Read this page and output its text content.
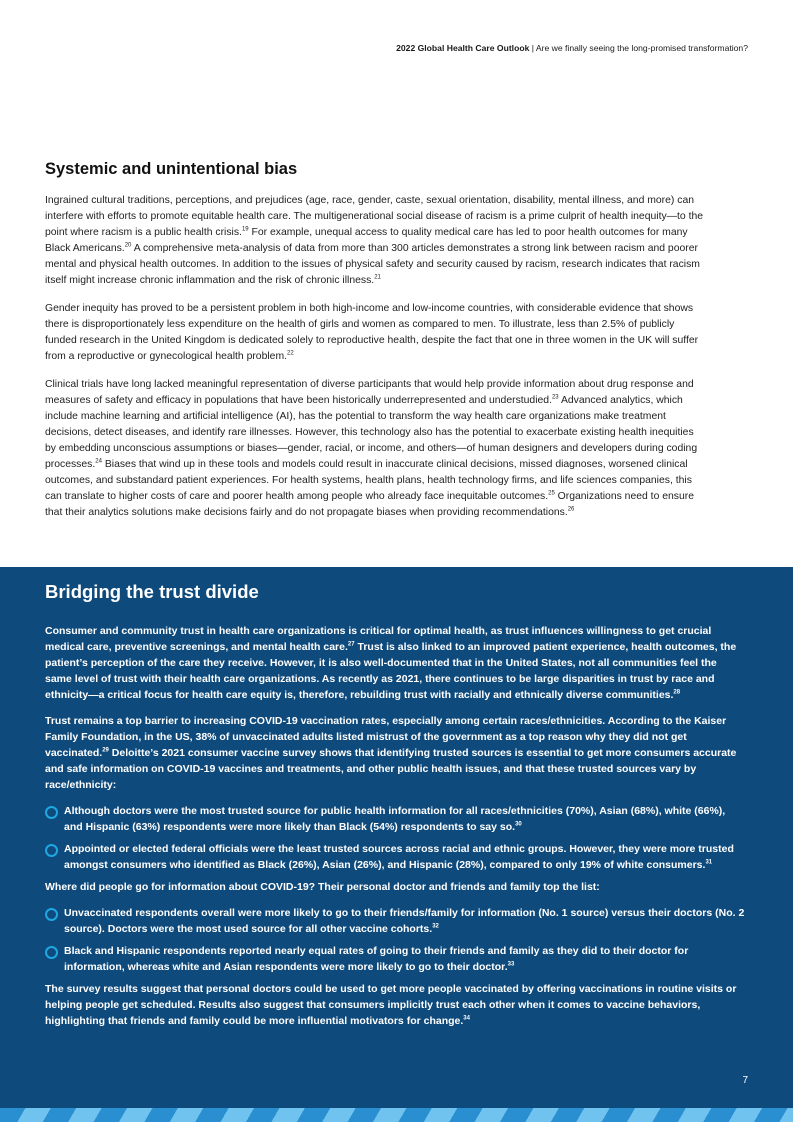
2022 Global Health Care Outlook | Are we finally seeing the long-promised transformation?
Systemic and unintentional bias

Ingrained cultural traditions, perceptions, and prejudices (age, race, gender, caste, sexual orientation, disability, mental illness, and more) can interfere with efforts to promote equitable health care. The multigenerational social disease of racism is a prime culprit of health inequity—to the point where racism is a public health crisis.$^{19}$ For example, unequal access to quality medical care has led to poor health outcomes for many Black Americans.$^{20}$ A comprehensive meta-analysis of data from more than 300 articles demonstrates a strong link between racism and poorer mental and physical health outcomes. In addition to the issues of physical safety and security caused by racism, research indicates that racism itself might increase chronic inflammation and the risk of chronic illness.$^{21}$

Gender inequity has proved to be a persistent problem in both high-income and low-income countries, with considerable evidence that shows there is disproportionately less expenditure on the health of girls and women as compared to men. To illustrate, less than 2.5% of publicly funded research in the United Kingdom is dedicated solely to reproductive health, despite the fact that one in three women in the UK will suffer from a reproductive or gynecological health problem.$^{22}$

Clinical trials have long lacked meaningful representation of diverse participants that would help provide information about drug response and measures of safety and efficacy in populations that have been historically underrepresented and understudied.$^{23}$ Advanced analytics, which include machine learning and artificial intelligence (AI), has the potential to transform the way health care organizations make treatment decisions, detect diseases, and identify rare illnesses. However, this technology also has the potential to exacerbate existing health inequities by embedding unconscious assumptions or biases—gender, racial, or income, and others—of human designers and developers during coding processes.$^{24}$ Biases that wind up in these tools and models could result in inaccurate clinical decisions, missed diagnoses, worsened clinical outcomes, and substandard patient experiences. For health systems, health plans, health technology firms, and life sciences companies, this can translate to higher costs of care and poorer health among people who already face inequitable outcomes.$^{25}$ Organizations need to ensure that their analytics solutions make decisions fairly and do not propagate biases when providing recommendations.$^{26}$

Bridging the trust divide

Consumer and community trust in health care organizations is critical for optimal health, as trust influences willingness to get crucial medical care, preventive screenings, and mental health care.$^{27}$ Trust is also linked to an improved patient experience, health outcomes, the patient’s perception of the care they receive. However, it is also well-documented that in the United States, not all communities feel the same level of trust with their health care organizations. As recently as 2021, there continues to be large disparities in trust by race and ethnicity—a critical focus for health care equity is, therefore, rebuilding trust with racially and ethnically diverse communities.$^{28}$

Trust remains a top barrier to increasing COVID-19 vaccination rates, especially among certain races/ethnicities. According to the Kaiser Family Foundation, in the US, 38% of unvaccinated adults listed mistrust of the government as a top reason why they did not get vaccinated.$^{29}$ Deloitte’s 2021 consumer vaccine survey shows that identifying trusted sources is essential to get more consumers accurate and safe information on COVID-19 vaccines and treatments, and other public health issues, and that these trusted sources vary by race/ethnicity:

Although doctors were the most trusted source for public health information for all races/ethnicities (70%), Asian (68%), white (66%), and Hispanic (63%) respondents were more likely than Black (54%) respondents to say so.$^{30}$
Appointed or elected federal officials were the least trusted sources across racial and ethnic groups. However, they were more trusted amongst consumers who identified as Black (26%), Asian (26%), and Hispanic (28%), compared to only 19% of white consumers.$^{31}$

Where did people go for information about COVID-19? Their personal doctor and friends and family top the list:

Unvaccinated respondents overall were more likely to go to their friends/family for information (No. 1 source) versus their doctors (No. 2 source). Doctors were the most used source for all other vaccine cohorts.$^{32}$
Black and Hispanic respondents reported nearly equal rates of going to their friends and family as they did to their doctor for information, whereas white and Asian respondents were more likely to go to their doctor.$^{33}$

The survey results suggest that personal doctors could be used to get more people vaccinated by offering vaccinations in routine visits or helping people get scheduled. Results also suggest that consumers implicitly trust each other when it comes to vaccine behaviors, highlighting that friends and family could be more influential motivators for change.$^{34}$

7
